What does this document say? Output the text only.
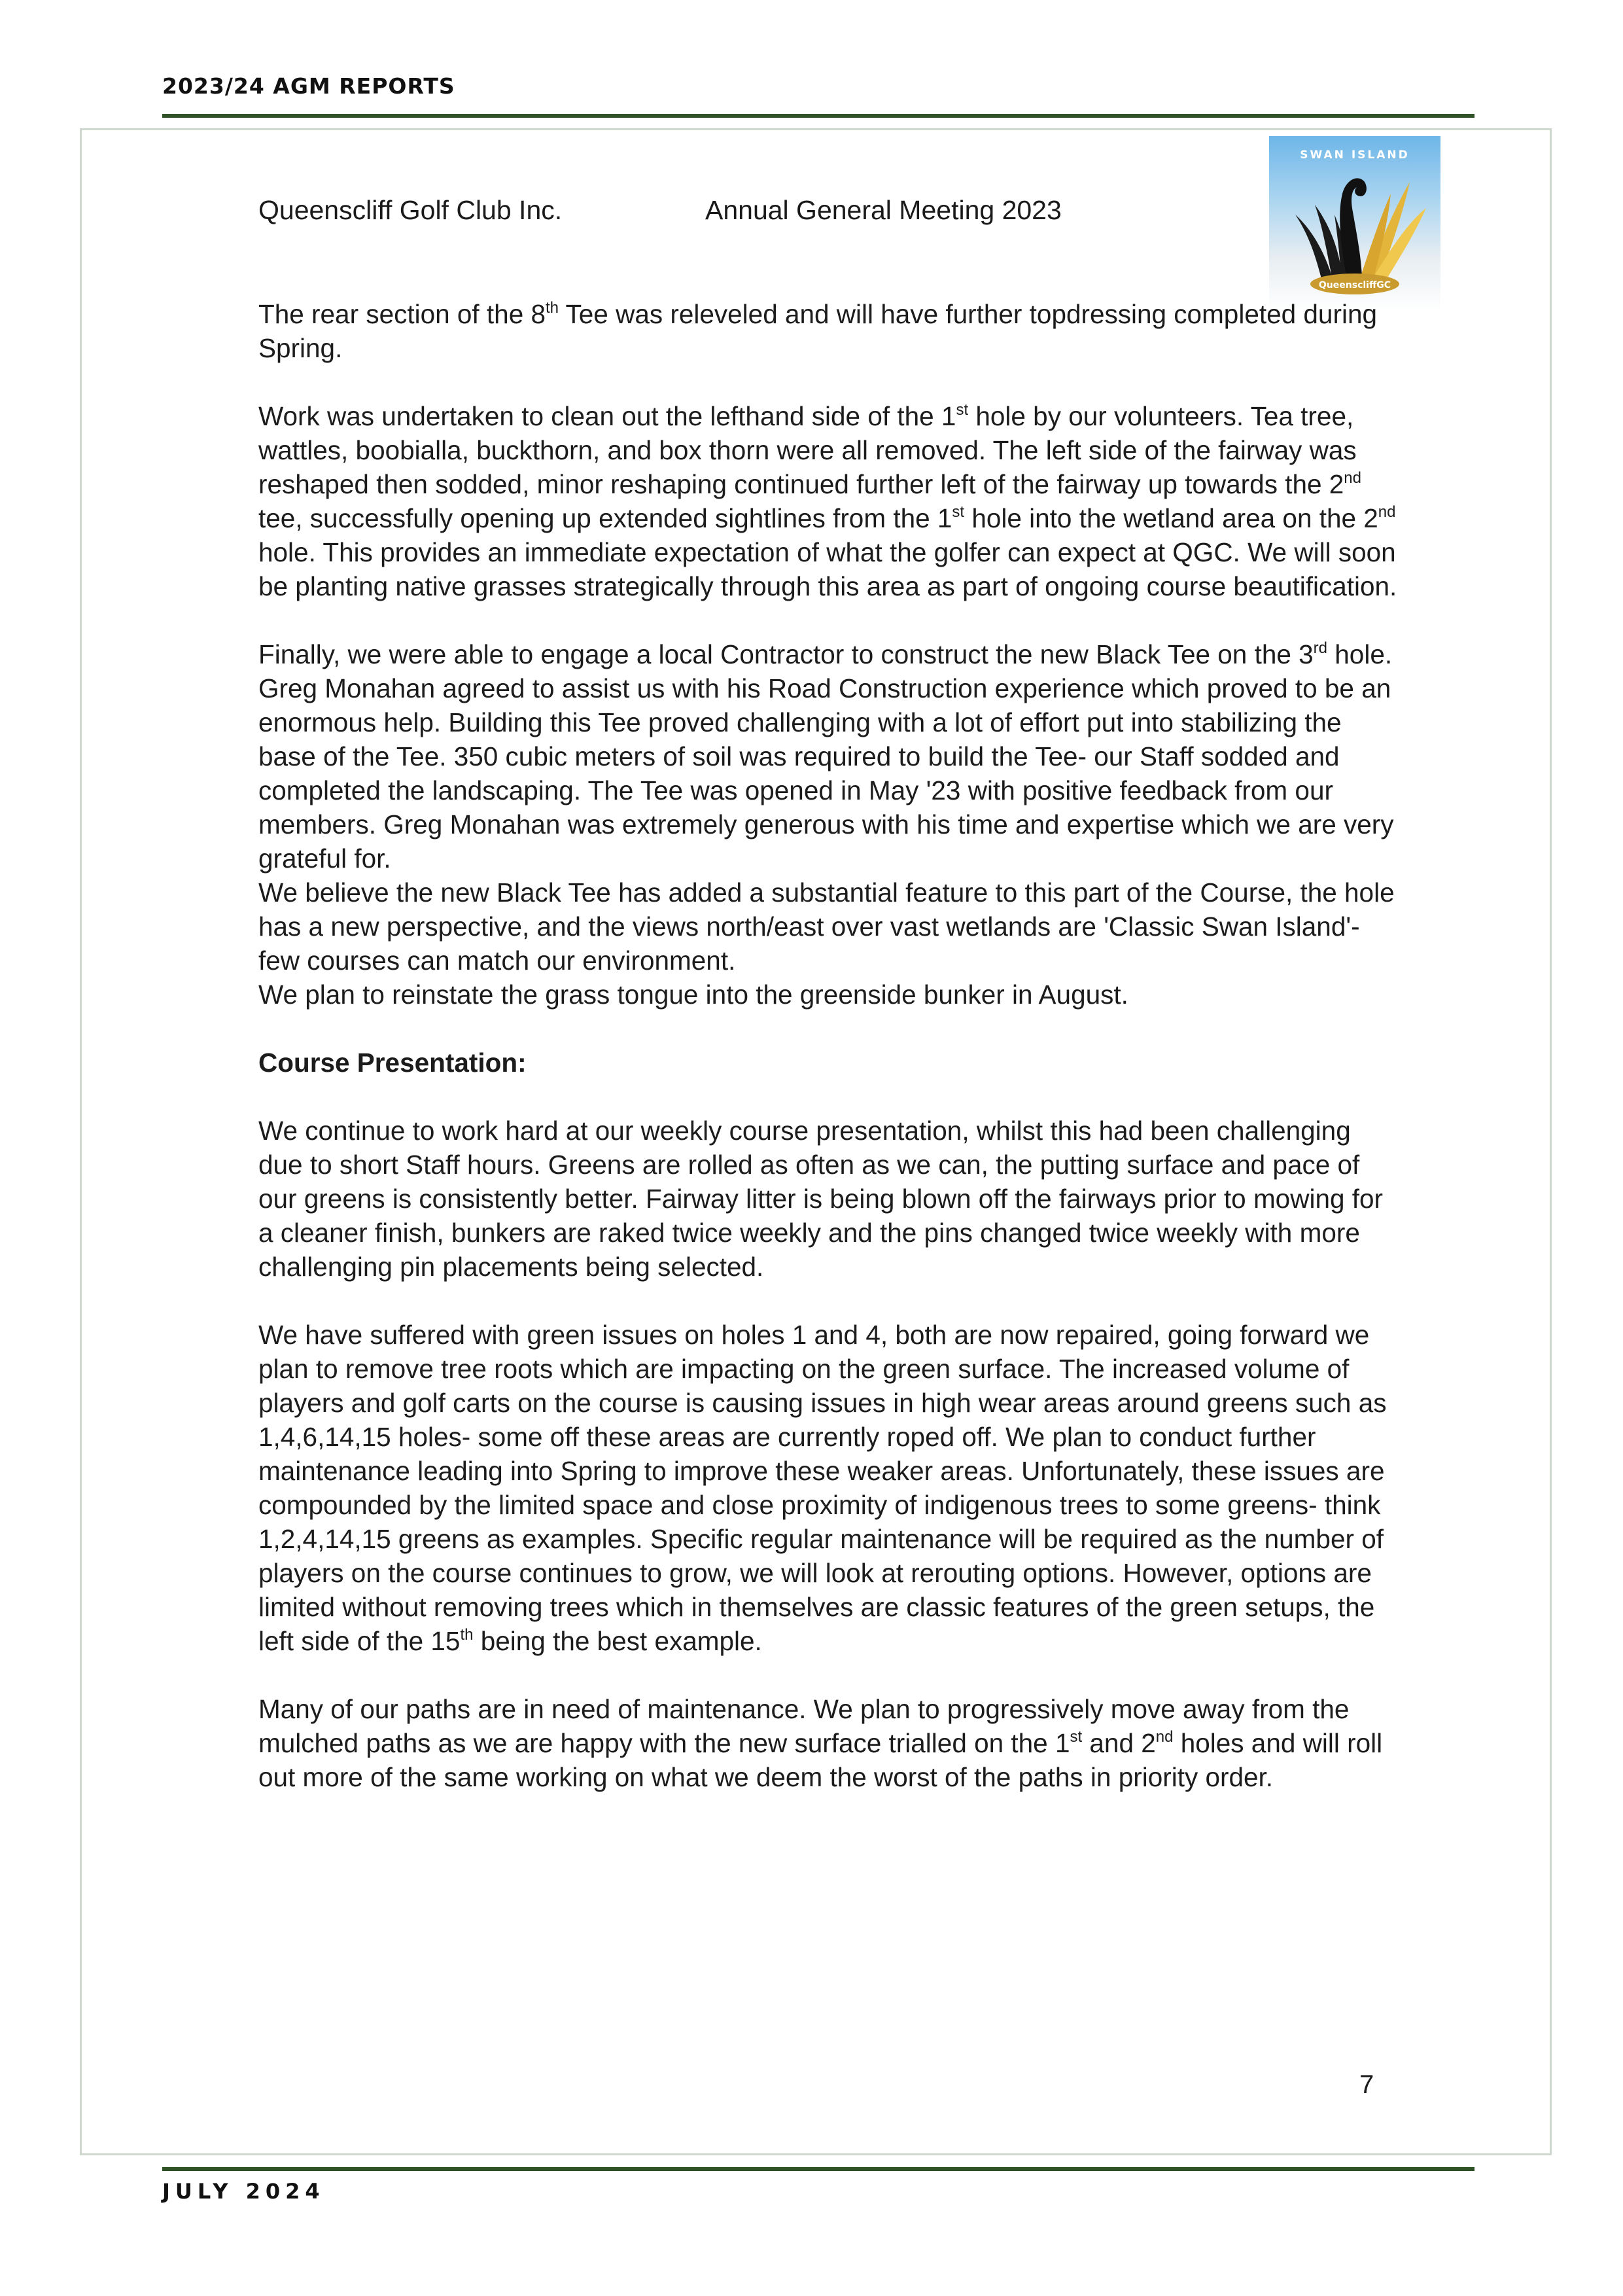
2023/24 AGM REPORTS
Queenscliff Golf Club Inc.	Annual General Meeting 2023
SWAN ISLAND
QueenscliffGC

The rear section of the 8th Tee was releveled and will have further topdressing completed during Spring.

Work was undertaken to clean out the lefthand side of the 1st hole by our volunteers. Tea tree, wattles, boobialla, buckthorn, and box thorn were all removed. The left side of the fairway was reshaped then sodded, minor reshaping continued further left of the fairway up towards the 2nd tee, successfully opening up extended sightlines from the 1st hole into the wetland area on the 2nd hole. This provides an immediate expectation of what the golfer can expect at QGC. We will soon be planting native grasses strategically through this area as part of ongoing course beautification.

Finally, we were able to engage a local Contractor to construct the new Black Tee on the 3rd hole. Greg Monahan agreed to assist us with his Road Construction experience which proved to be an enormous help. Building this Tee proved challenging with a lot of effort put into stabilizing the base of the Tee. 350 cubic meters of soil was required to build the Tee- our Staff sodded and completed the landscaping. The Tee was opened in May '23 with positive feedback from our members. Greg Monahan was extremely generous with his time and expertise which we are very grateful for.

We believe the new Black Tee has added a substantial feature to this part of the Course, the hole has a new perspective, and the views north/east over vast wetlands are 'Classic Swan Island'- few courses can match our environment.

We plan to reinstate the grass tongue into the greenside bunker in August.

Course Presentation:

We continue to work hard at our weekly course presentation, whilst this had been challenging due to short Staff hours. Greens are rolled as often as we can, the putting surface and pace of our greens is consistently better. Fairway litter is being blown off the fairways prior to mowing for a cleaner finish, bunkers are raked twice weekly and the pins changed twice weekly with more challenging pin placements being selected.

We have suffered with green issues on holes 1 and 4, both are now repaired, going forward we plan to remove tree roots which are impacting on the green surface. The increased volume of players and golf carts on the course is causing issues in high wear areas around greens such as 1,4,6,14,15 holes- some off these areas are currently roped off. We plan to conduct further maintenance leading into Spring to improve these weaker areas. Unfortunately, these issues are compounded by the limited space and close proximity of indigenous trees to some greens- think 1,2,4,14,15 greens as examples. Specific regular maintenance will be required as the number of players on the course continues to grow, we will look at rerouting options. However, options are limited without removing trees which in themselves are classic features of the green setups, the left side of the 15th being the best example.

Many of our paths are in need of maintenance. We plan to progressively move away from the mulched paths as we are happy with the new surface trialled on the 1st and 2nd holes and will roll out more of the same working on what we deem the worst of the paths in priority order.

7
JULY 2024
